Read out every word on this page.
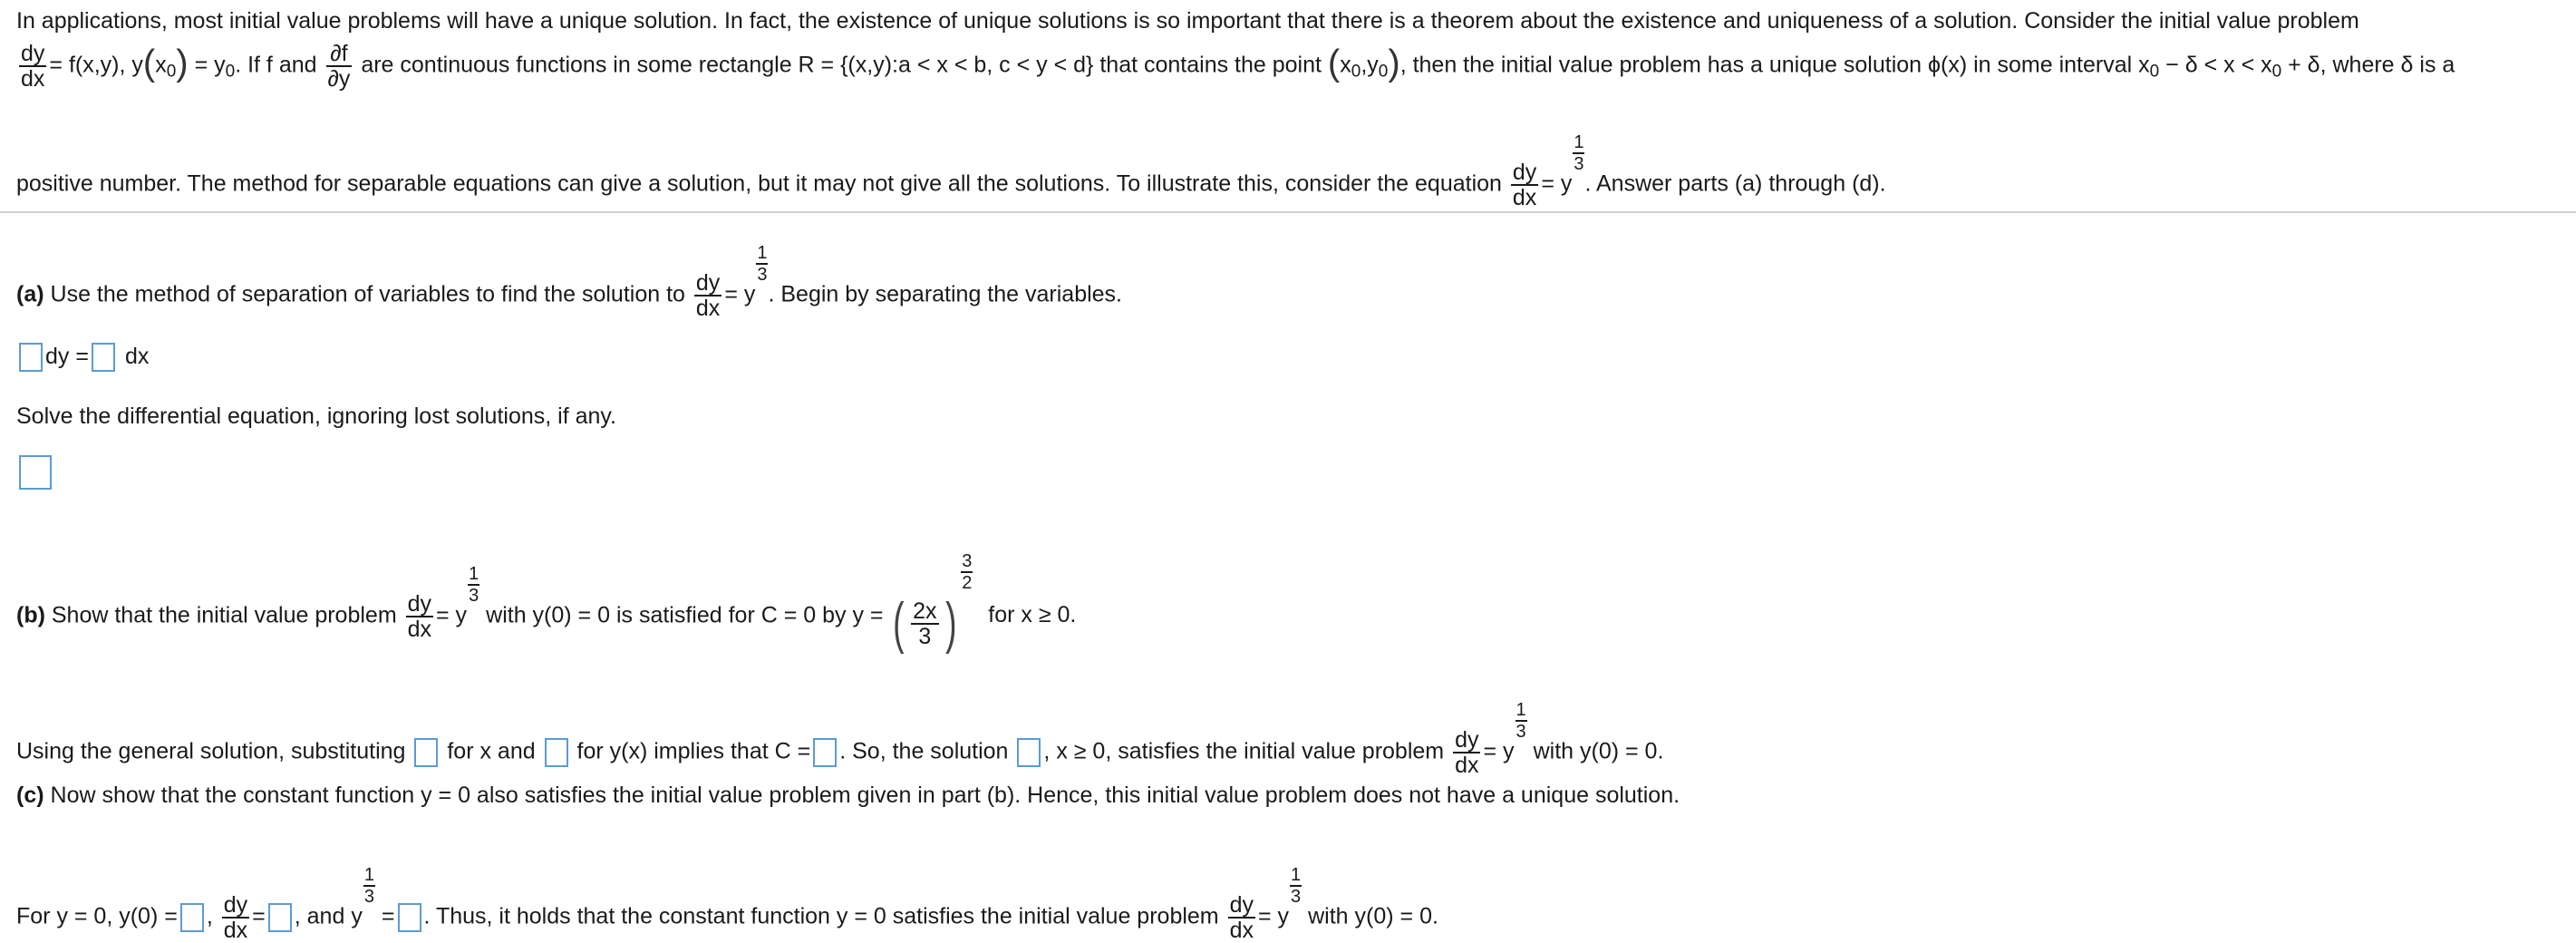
In applications, most initial value problems will have a unique solution. In fact, the existence of unique solutions is so important that there is a theorem about the existence and uniqueness of a solution. Consider the initial value problem
$\frac{dy}{dx} = f(x,y)$, $y(x_0) = y_0$. If f and $\frac{\partial f}{\partial y}$ are continuous functions in some rectangle R = {(x,y):a < x < b, c < y < d} that contains the point $(x_0,y_0)$, then the initial value problem has a unique solution ϕ(x) in some interval $x_0 - \delta < x < x_0 + \delta$, where δ is a
positive number. The method for separable equations can give a solution, but it may not give all the solutions. To illustrate this, consider the equation $\frac{dy}{dx} = y$
$\frac{1}{3}$
. Answer parts (a) through (d).
(a) Use the method of separation of variables to find the solution to $\frac{dy}{dx} = y$
$\frac{1}{3}$
. Begin by separating the variables.
dy = dx
Solve the differential equation, ignoring lost solutions, if any.
(b) Show that the initial value problem $\frac{dy}{dx} = y$
$\frac{1}{3}$
with y(0) = 0 is satisfied for C = 0 by y = ( $\frac{2x}{3}$ )
$\frac{3}{2}$
for x ≥ 0.
Using the general solution, substituting for x and for y(x) implies that C = . So, the solution , x ≥ 0, satisfies the initial value problem $\frac{dy}{dx} = y$
$\frac{1}{3}$
with y(0) = 0.
(c) Now show that the constant function y = 0 also satisfies the initial value problem given in part (b). Hence, this initial value problem does not have a unique solution.
For y = 0, y(0) = , $\frac{dy}{dx}$ = , and y
$\frac{1}{3}$
= . Thus, it holds that the constant function y = 0 satisfies the initial value problem $\frac{dy}{dx} = y$
$\frac{1}{3}$
with y(0) = 0.
